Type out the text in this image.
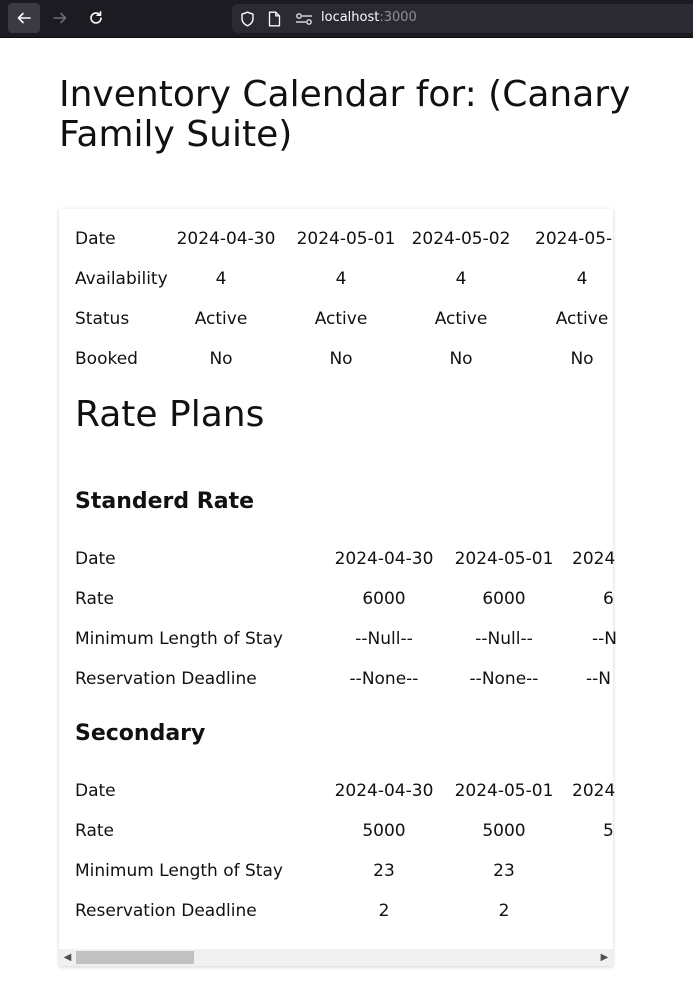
localhost:3000
Inventory Calendar for: (Canary Family Suite)
Date	2024-04-30	2024-05-01 2024-05-02	2024-05-
Availability	4	4	4	4
Status	Active	Active	Active	Active
Booked	No	No	No	No
Rate Plans
Standerd Rate
Date	2024-04-30	2024-05-01	2024
Rate	6000	6000	6
Minimum Length of Stay	--Null--	--Null--	--N
Reservation Deadline	--None--	--None--	--N
Secondary
Date	2024-04-30	2024-05-01	2024
Rate	5000	5000	5
Minimum Length of Stay	23	23
Reservation Deadline	2	2
◀	▶
